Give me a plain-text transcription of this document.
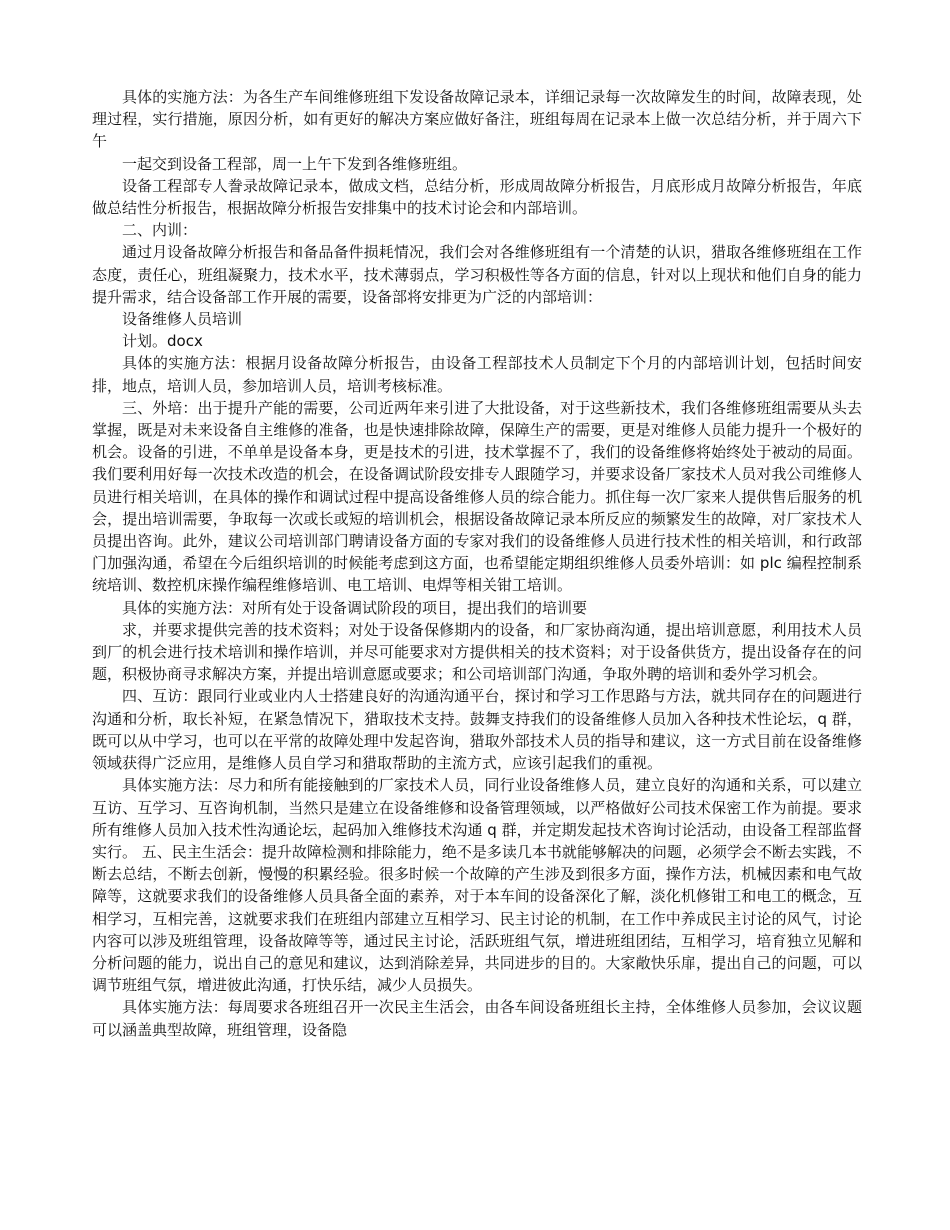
具体的实施方法：为各生产车间维修班组下发设备故障记录本，详细记录每一次故障发生的时间，故障表现，处理过程，实行措施，原因分析，如有更好的解决方案应做好备注，班组每周在记录本上做一次总结分析，并于周六下午

一起交到设备工程部，周一上午下发到各维修班组。

设备工程部专人誊录故障记录本，做成文档，总结分析，形成周故障分析报告，月底形成月故障分析报告，年底做总结性分析报告，根据故障分析报告安排集中的技术讨论会和内部培训。

二、内训：

通过月设备故障分析报告和备品备件损耗情况，我们会对各维修班组有一个清楚的认识，猎取各维修班组在工作态度，责任心，班组凝聚力，技术水平，技术薄弱点，学习积极性等各方面的信息，针对以上现状和他们自身的能力提升需求，结合设备部工作开展的需要，设备部将安排更为广泛的内部培训：

设备维修人员培训

计划。docx

具体的实施方法：根据月设备故障分析报告，由设备工程部技术人员制定下个月的内部培训计划，包括时间安排，地点，培训人员，参加培训人员，培训考核标准。

三、外培：出于提升产能的需要，公司近两年来引进了大批设备，对于这些新技术，我们各维修班组需要从头去掌握，既是对未来设备自主维修的准备，也是快速排除故障，保障生产的需要，更是对维修人员能力提升一个极好的机会。设备的引进，不单单是设备本身，更是技术的引进，技术掌握不了，我们的设备维修将始终处于被动的局面。我们要利用好每一次技术改造的机会，在设备调试阶段安排专人跟随学习，并要求设备厂家技术人员对我公司维修人员进行相关培训，在具体的操作和调试过程中提高设备维修人员的综合能力。抓住每一次厂家来人提供售后服务的机会，提出培训需要，争取每一次或长或短的培训机会，根据设备故障记录本所反应的频繁发生的故障，对厂家技术人员提出咨询。此外，建议公司培训部门聘请设备方面的专家对我们的设备维修人员进行技术性的相关培训，和行政部门加强沟通，希望在今后组织培训的时候能考虑到这方面，也希望能定期组织维修人员委外培训：如 plc 编程控制系统培训、数控机床操作编程维修培训、电工培训、电焊等相关钳工培训。

具体的实施方法：对所有处于设备调试阶段的项目，提出我们的培训要

求，并要求提供完善的技术资料；对处于设备保修期内的设备，和厂家协商沟通，提出培训意愿，利用技术人员到厂的机会进行技术培训和操作培训，并尽可能要求对方提供相关的技术资料；对于设备供货方，提出设备存在的问题，积极协商寻求解决方案，并提出培训意愿或要求；和公司培训部门沟通，争取外聘的培训和委外学习机会。

四、互访：跟同行业或业内人士搭建良好的沟通沟通平台，探讨和学习工作思路与方法，就共同存在的问题进行沟通和分析，取长补短，在紧急情况下，猎取技术支持。鼓舞支持我们的设备维修人员加入各种技术性论坛，q 群，既可以从中学习，也可以在平常的故障处理中发起咨询，猎取外部技术人员的指导和建议，这一方式目前在设备维修领域获得广泛应用，是维修人员自学习和猎取帮助的主流方式，应该引起我们的重视。

具体实施方法：尽力和所有能接触到的厂家技术人员，同行业设备维修人员，建立良好的沟通和关系，可以建立互访、互学习、互咨询机制，当然只是建立在设备维修和设备管理领域，以严格做好公司技术保密工作为前提。要求所有维修人员加入技术性沟通论坛，起码加入维修技术沟通 q 群，并定期发起技术咨询讨论活动，由设备工程部监督实行。 五、民主生活会：提升故障检测和排除能力，绝不是多读几本书就能够解决的问题，必须学会不断去实践，不断去总结，不断去创新，慢慢的积累经验。很多时候一个故障的产生涉及到很多方面，操作方法，机械因素和电气故障等，这就要求我们的设备维修人员具备全面的素养，对于本车间的设备深化了解，淡化机修钳工和电工的概念，互相学习，互相完善，这就要求我们在班组内部建立互相学习、民主讨论的机制，在工作中养成民主讨论的风气，讨论内容可以涉及班组管理，设备故障等等，通过民主讨论，活跃班组气氛，增进班组团结，互相学习，培育独立见解和分析问题的能力，说出自己的意见和建议，达到消除差异，共同进步的目的。大家敞快乐扉，提出自己的问题，可以调节班组气氛，增进彼此沟通，打快乐结，减少人员损失。

具体实施方法：每周要求各班组召开一次民主生活会，由各车间设备班组长主持，全体维修人员参加，会议议题可以涵盖典型故障，班组管理，设备隐
